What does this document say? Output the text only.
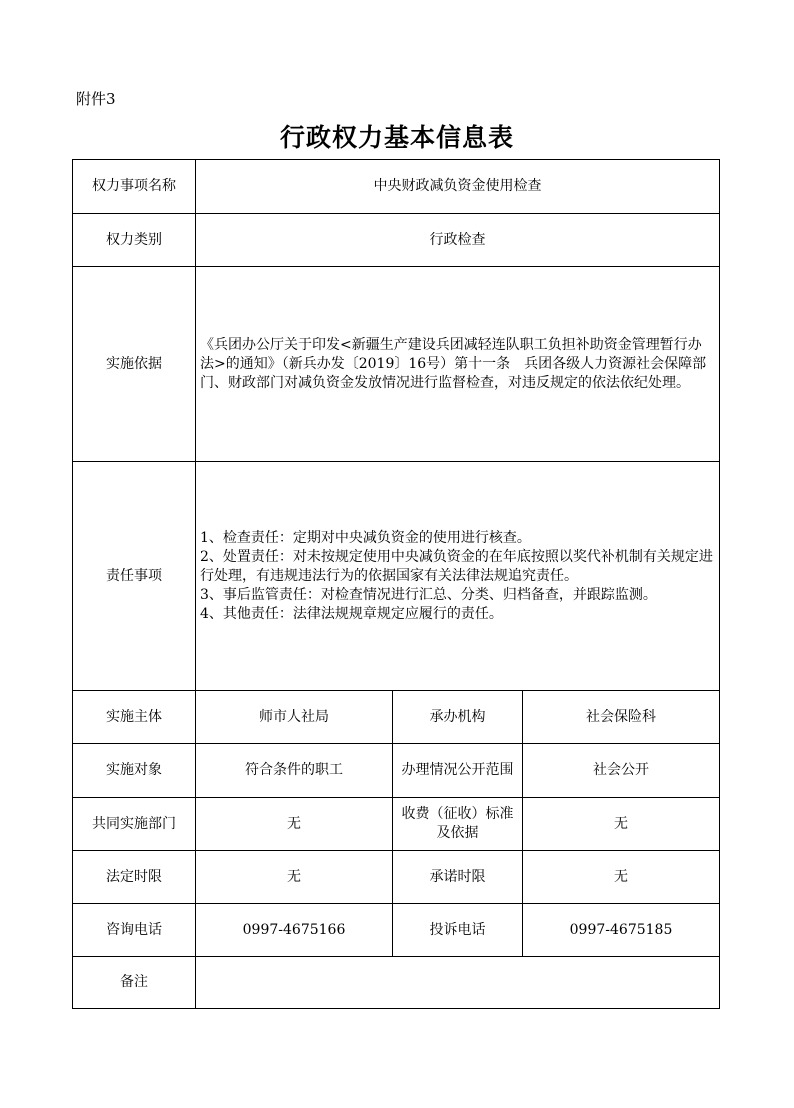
附件3
行政权力基本信息表
权力事项名称	中央财政减负资金使用检查		
权力类别	行政检查		
实施依据	《兵团办公厅关于印发<新疆生产建设兵团减轻连队职工负担补助资金管理暂行办法>的通知》（新兵办发〔2019〕16号）第十一条　兵团各级人力资源社会保障部门、财政部门对减负资金发放情况进行监督检查，对违反规定的依法依纪处理。		
责任事项	1、检查责任：定期对中央减负资金的使用进行核查。
2、处置责任：对未按规定使用中央减负资金的在年底按照以奖代补机制有关规定进行处理，有违规违法行为的依据国家有关法律法规追究责任。
3、事后监管责任：对检查情况进行汇总、分类、归档备查，并跟踪监测。
4、其他责任：法律法规规章规定应履行的责任。		

实施主体	师市人社局	承办机构	社会保险科
实施对象	符合条件的职工	办理情况公开范围	社会公开
共同实施部门	无	收费（征收）标准及依据	无
法定时限	无	承诺时限	无
咨询电话	0997-4675166	投诉电话	0997-4675185
备注			
